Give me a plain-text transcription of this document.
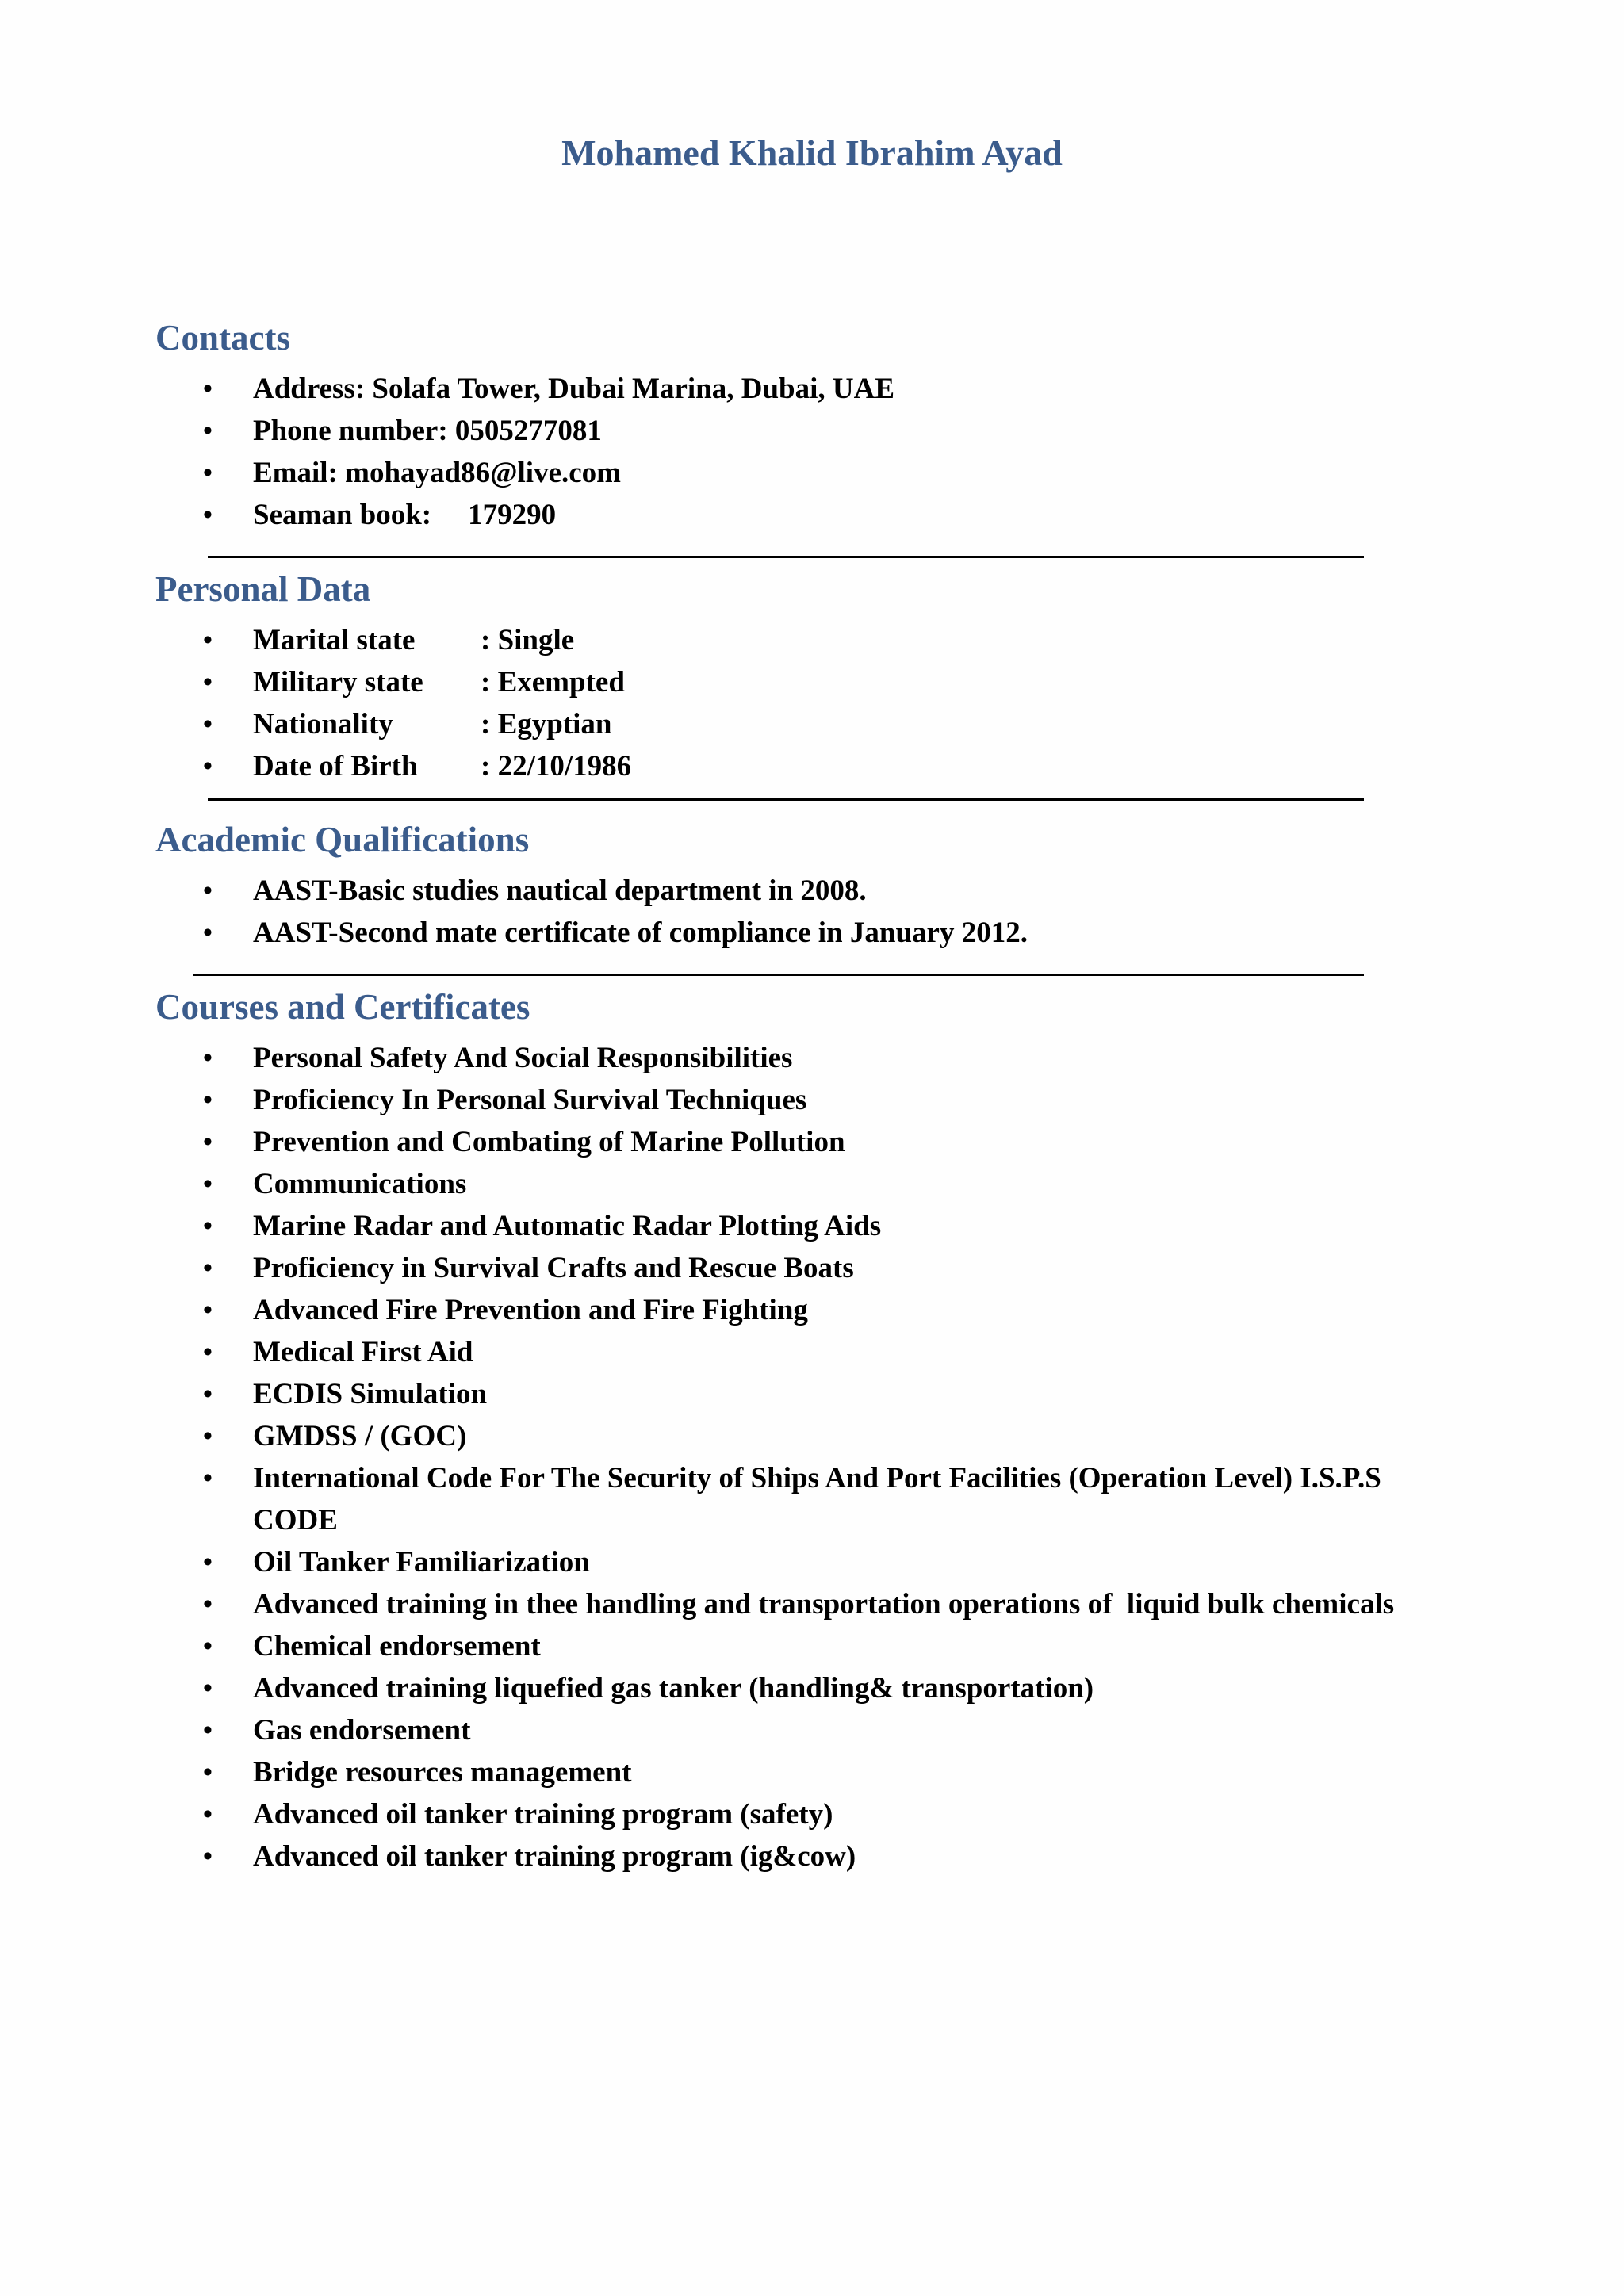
Mohamed Khalid Ibrahim Ayad
Contacts
• Address: Solafa Tower, Dubai Marina, Dubai, UAE
• Phone number: 0505277081
• Email: mohayad86@live.com
• Seaman book: 179290
Personal Data
• Marital state : Single
• Military state : Exempted
• Nationality	: Egyptian
• Date of Birth : 22/10/1986
Academic Qualifications
• AAST-Basic studies nautical department in 2008.
• AAST-Second mate certificate of compliance in January 2012.
Courses and Certificates
• Personal Safety And Social Responsibilities
• Proficiency In Personal Survival Techniques
• Prevention and Combating of Marine Pollution
• Communications
• Marine Radar and Automatic Radar Plotting Aids
• Proficiency in Survival Crafts and Rescue Boats
• Advanced Fire Prevention and Fire Fighting
• Medical First Aid
• ECDIS Simulation
• GMDSS / (GOC)
• International Code For The Security of Ships And Port Facilities (Operation Level) I.S.P.S CODE
• Oil Tanker Familiarization
• Advanced training in thee handling and transportation operations of  liquid bulk chemicals
• Chemical endorsement
• Advanced training liquefied gas tanker (handling& transportation)
• Gas endorsement
• Bridge resources management
• Advanced oil tanker training program (safety)
• Advanced oil tanker training program (ig&cow)
